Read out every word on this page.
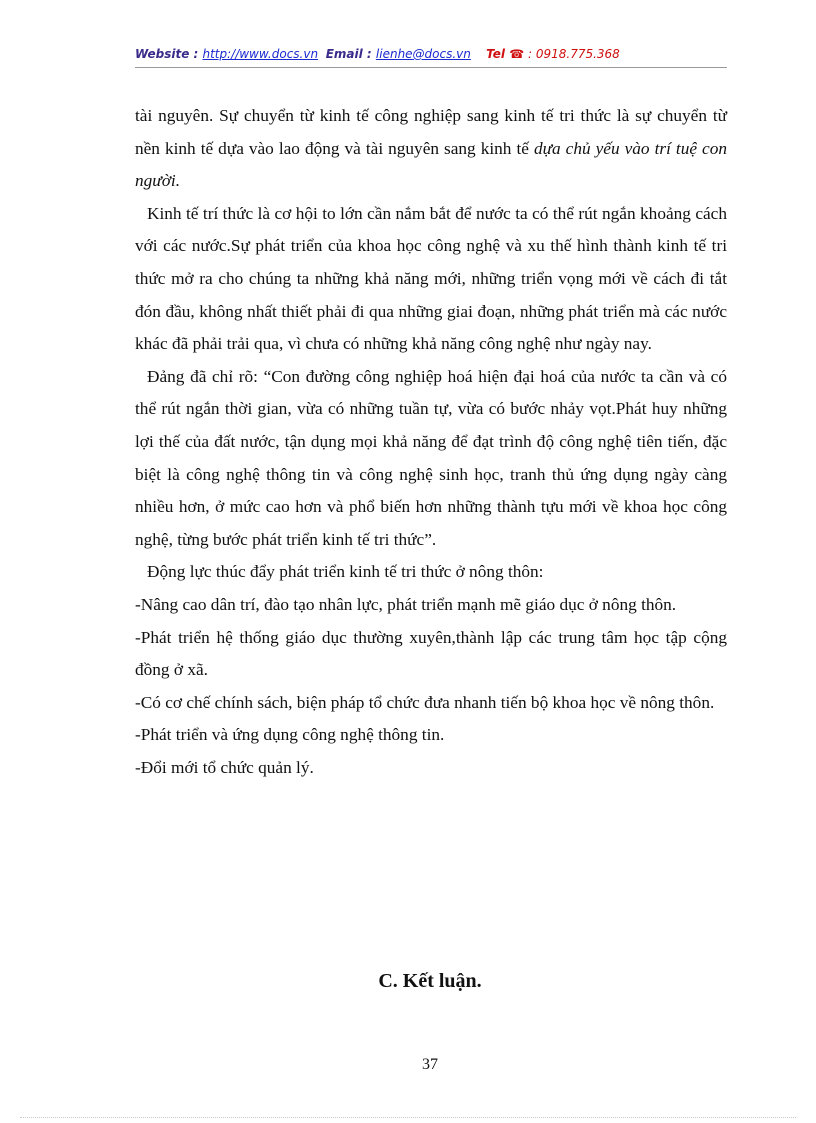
Website : http://www.docs.vn Email : lienhe@docs.vn Tel ☎ : 0918.775.368

tài nguyên. Sự chuyển từ kinh tế công nghiệp sang kinh tế tri thức là sự chuyển từ nền kinh tế dựa vào lao động và tài nguyên sang kinh tế dựa chủ yếu vào trí tuệ con người.

Kinh tế trí thức là cơ hội to lớn cần nắm bắt để nước ta có thể rút ngắn khoảng cách với các nước.Sự phát triển của khoa học công nghệ và xu thế hình thành kinh tế tri thức mở ra cho chúng ta những khả năng mới, những triển vọng mới về cách đi tắt đón đầu, không nhất thiết phải đi qua những giai đoạn, những phát triển mà các nước khác đã phải trải qua, vì chưa có những khả năng công nghệ như ngày nay.

Đảng đã chỉ rõ: “Con đường công nghiệp hoá hiện đại hoá của nước ta cần và có thể rút ngắn thời gian, vừa có những tuần tự, vừa có bước nhảy vọt.Phát huy những lợi thế của đất nước, tận dụng mọi khả năng để đạt trình độ công nghệ tiên tiến, đặc biệt là công nghệ thông tin và công nghệ sinh học, tranh thủ ứng dụng ngày càng nhiều hơn, ở mức cao hơn và phổ biến hơn những thành tựu mới về khoa học công nghệ, từng bước phát triển kinh tế tri thức”.

Động lực thúc đẩy phát triển kinh tế tri thức ở nông thôn:

-Nâng cao dân trí, đào tạo nhân lực, phát triển mạnh mẽ giáo dục ở nông thôn.

-Phát triển hệ thống giáo dục thường xuyên,thành lập các trung tâm học tập cộng đồng ở xã.

-Có cơ chế chính sách, biện pháp tổ chức đưa nhanh tiến bộ khoa học về nông thôn.

-Phát triển và ứng dụng công nghệ thông tin.

-Đổi mới tổ chức quản lý.

C. Kết luận.
37
